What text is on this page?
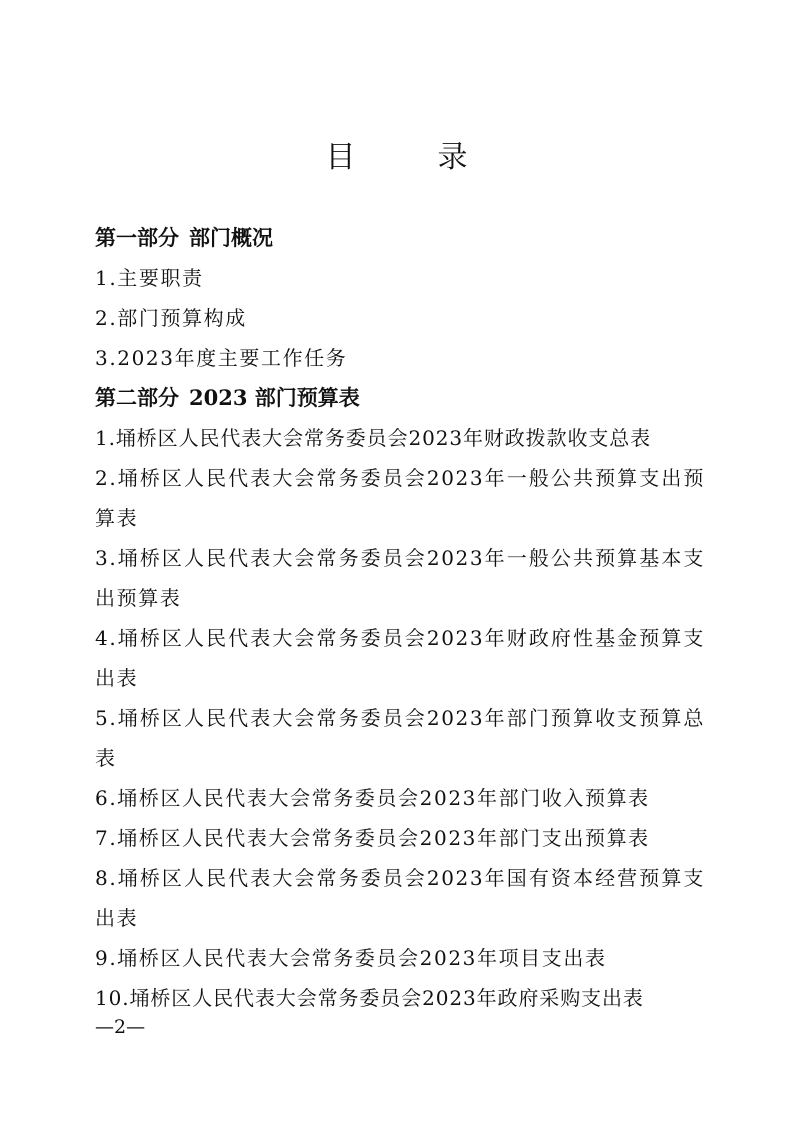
目　录
第一部分 部门概况
1.主要职责
2.部门预算构成
3.2023年度主要工作任务
第二部分 2023 部门预算表
1.埇桥区人民代表大会常务委员会2023年财政拨款收支总表
2.埇桥区人民代表大会常务委员会2023年一般公共预算支出预算表
3.埇桥区人民代表大会常务委员会2023年一般公共预算基本支出预算表
4.埇桥区人民代表大会常务委员会2023年财政府性基金预算支出表
5.埇桥区人民代表大会常务委员会2023年部门预算收支预算总表
6.埇桥区人民代表大会常务委员会2023年部门收入预算表
7.埇桥区人民代表大会常务委员会2023年部门支出预算表
8.埇桥区人民代表大会常务委员会2023年国有资本经营预算支出表
9.埇桥区人民代表大会常务委员会2023年项目支出表
10.埇桥区人民代表大会常务委员会2023年政府采购支出表
—2—
